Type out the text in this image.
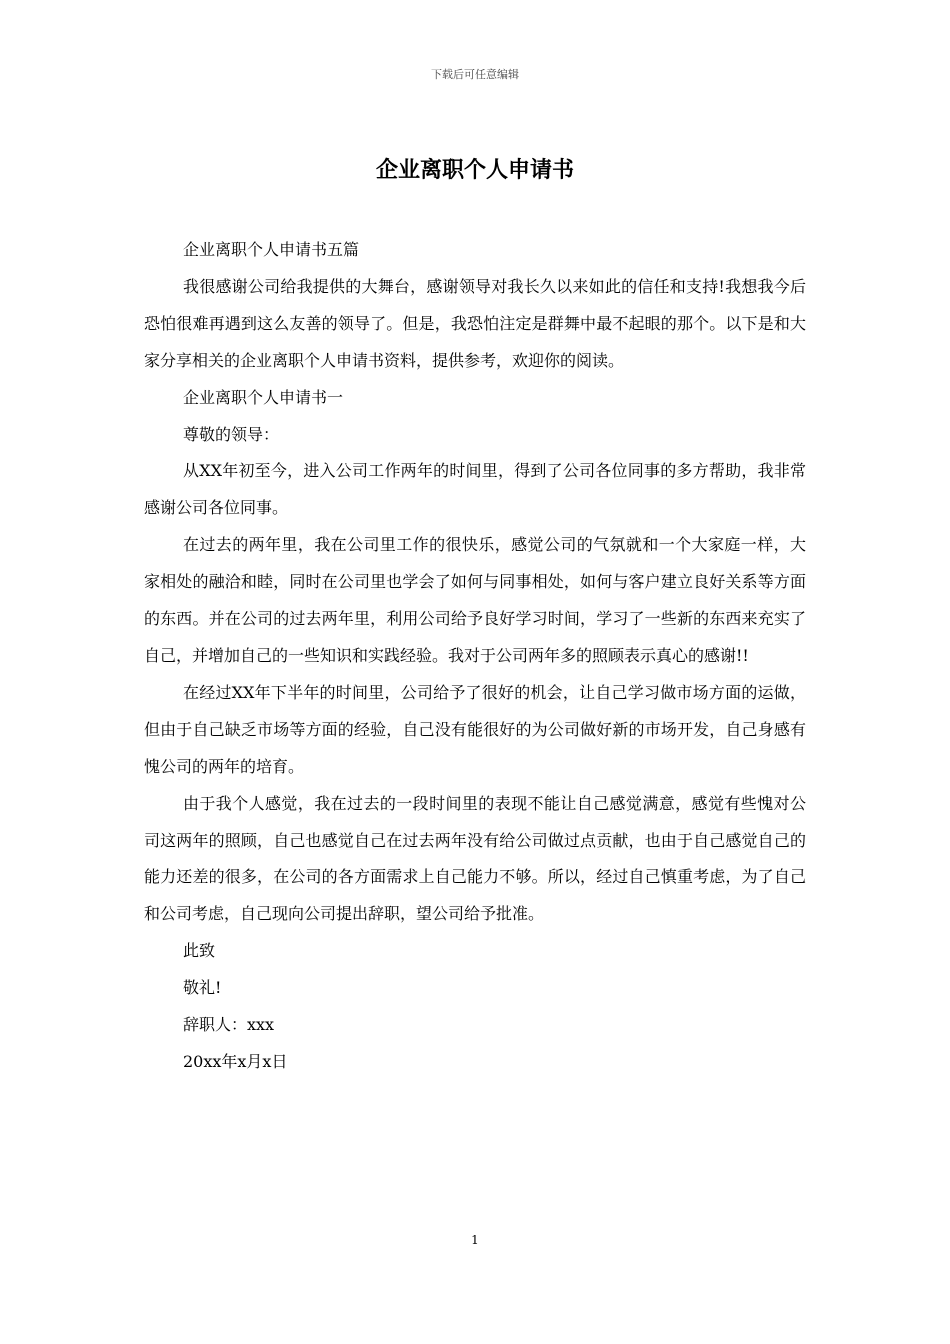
下载后可任意编辑
企业离职个人申请书

企业离职个人申请书五篇

我很感谢公司给我提供的大舞台，感谢领导对我长久以来如此的信任和支持!我想我今后恐怕很难再遇到这么友善的领导了。但是，我恐怕注定是群舞中最不起眼的那个。以下是和大家分享相关的企业离职个人申请书资料，提供参考，欢迎你的阅读。

企业离职个人申请书一

尊敬的领导：

从XX年初至今，进入公司工作两年的时间里，得到了公司各位同事的多方帮助，我非常感谢公司各位同事。

在过去的两年里，我在公司里工作的很快乐，感觉公司的气氛就和一个大家庭一样，大家相处的融洽和睦，同时在公司里也学会了如何与同事相处，如何与客户建立良好关系等方面的东西。并在公司的过去两年里，利用公司给予良好学习时间，学习了一些新的东西来充实了自己，并增加自己的一些知识和实践经验。我对于公司两年多的照顾表示真心的感谢!!

在经过XX年下半年的时间里，公司给予了很好的机会，让自己学习做市场方面的运做，但由于自己缺乏市场等方面的经验，自己没有能很好的为公司做好新的市场开发，自己身感有愧公司的两年的培育。

由于我个人感觉，我在过去的一段时间里的表现不能让自己感觉满意，感觉有些愧对公司这两年的照顾，自己也感觉自己在过去两年没有给公司做过点贡献，也由于自己感觉自己的能力还差的很多，在公司的各方面需求上自己能力不够。所以，经过自己慎重考虑，为了自己和公司考虑，自己现向公司提出辞职，望公司给予批准。

此致

敬礼!

辞职人：xxx

20xx年x月x日

1
